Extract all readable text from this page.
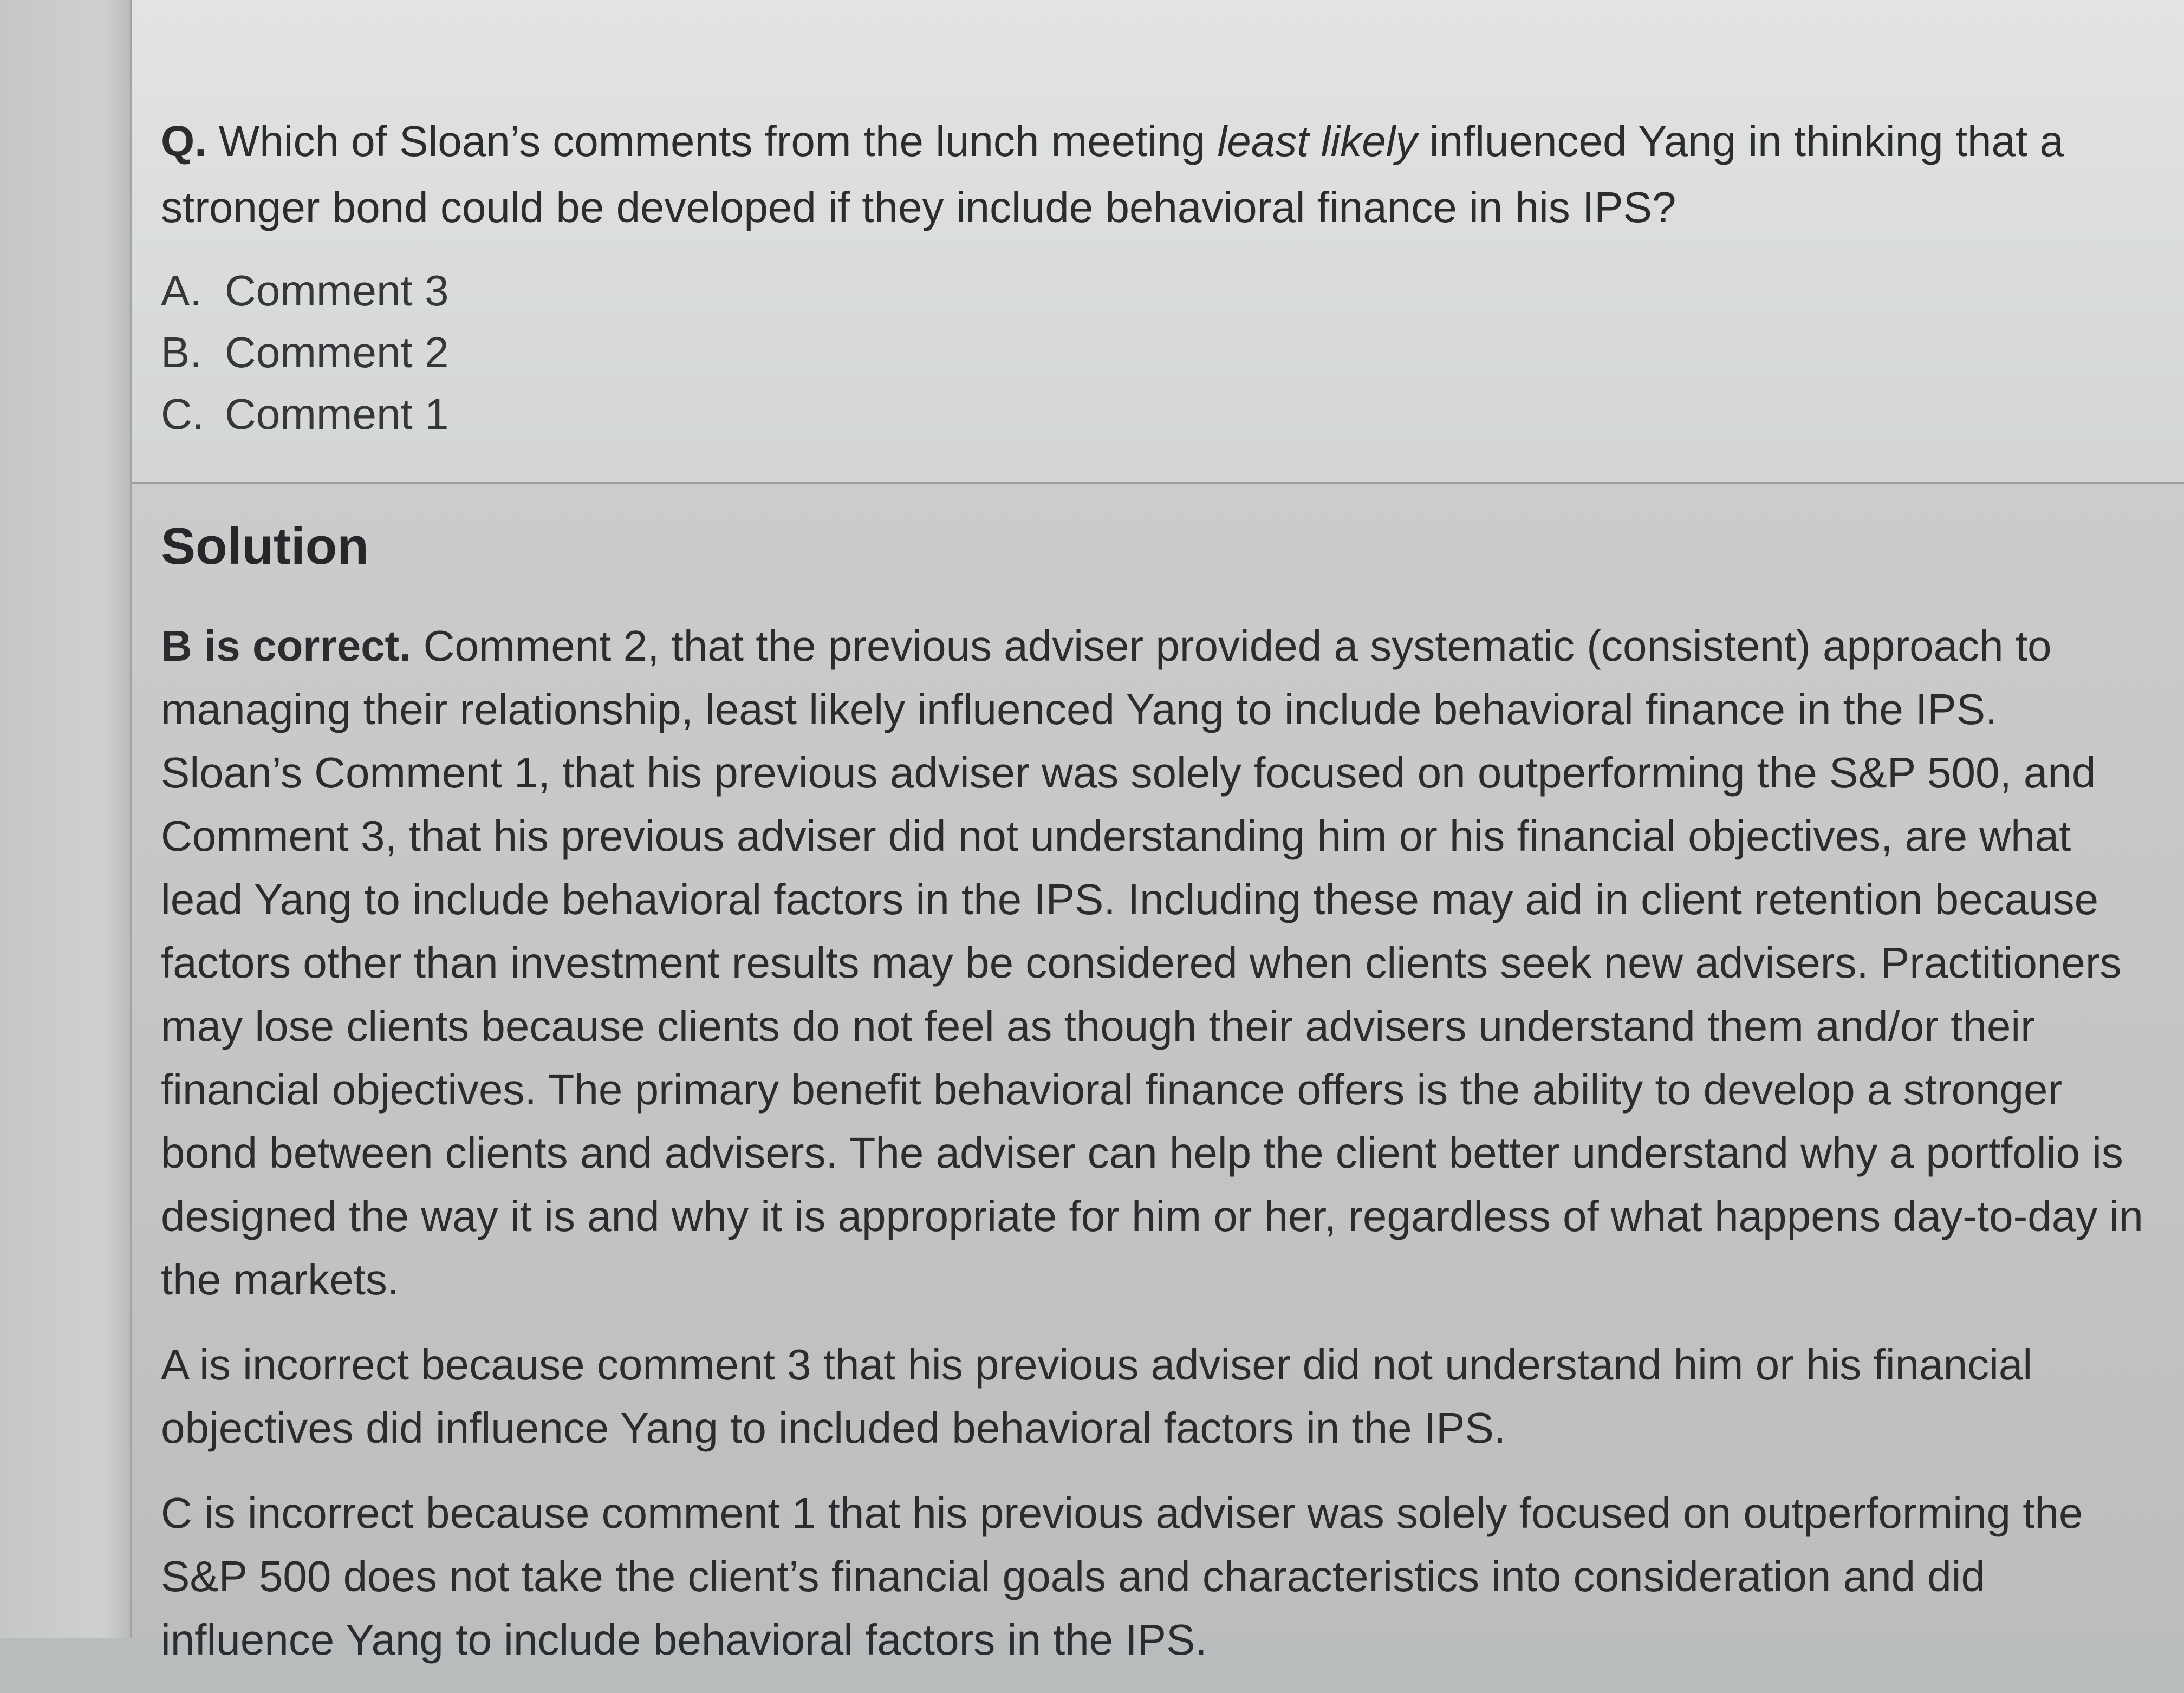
Q. Which of Sloan’s comments from the lunch meeting least likely influenced Yang in thinking that a stronger bond could be developed if they include behavioral finance in his IPS?
A. Comment 3
B. Comment 2
C. Comment 1
Solution

B is correct. Comment 2, that the previous adviser provided a systematic (consistent) approach to managing their relationship, least likely influenced Yang to include behavioral finance in the IPS. Sloan’s Comment 1, that his previous adviser was solely focused on outperforming the S&P 500, and Comment 3, that his previous adviser did not understanding him or his financial objectives, are what lead Yang to include behavioral factors in the IPS. Including these may aid in client retention because factors other than investment results may be considered when clients seek new advisers. Practitioners may lose clients because clients do not feel as though their advisers understand them and/or their financial objectives. The primary benefit behavioral finance offers is the ability to develop a stronger bond between clients and advisers. The adviser can help the client better understand why a portfolio is designed the way it is and why it is appropriate for him or her, regardless of what happens day-to-day in the markets.

A is incorrect because comment 3 that his previous adviser did not understand him or his financial objectives did influence Yang to included behavioral factors in the IPS.

C is incorrect because comment 1 that his previous adviser was solely focused on outperforming the S&P 500 does not take the client’s financial goals and characteristics into consideration and did influence Yang to include behavioral factors in the IPS.
